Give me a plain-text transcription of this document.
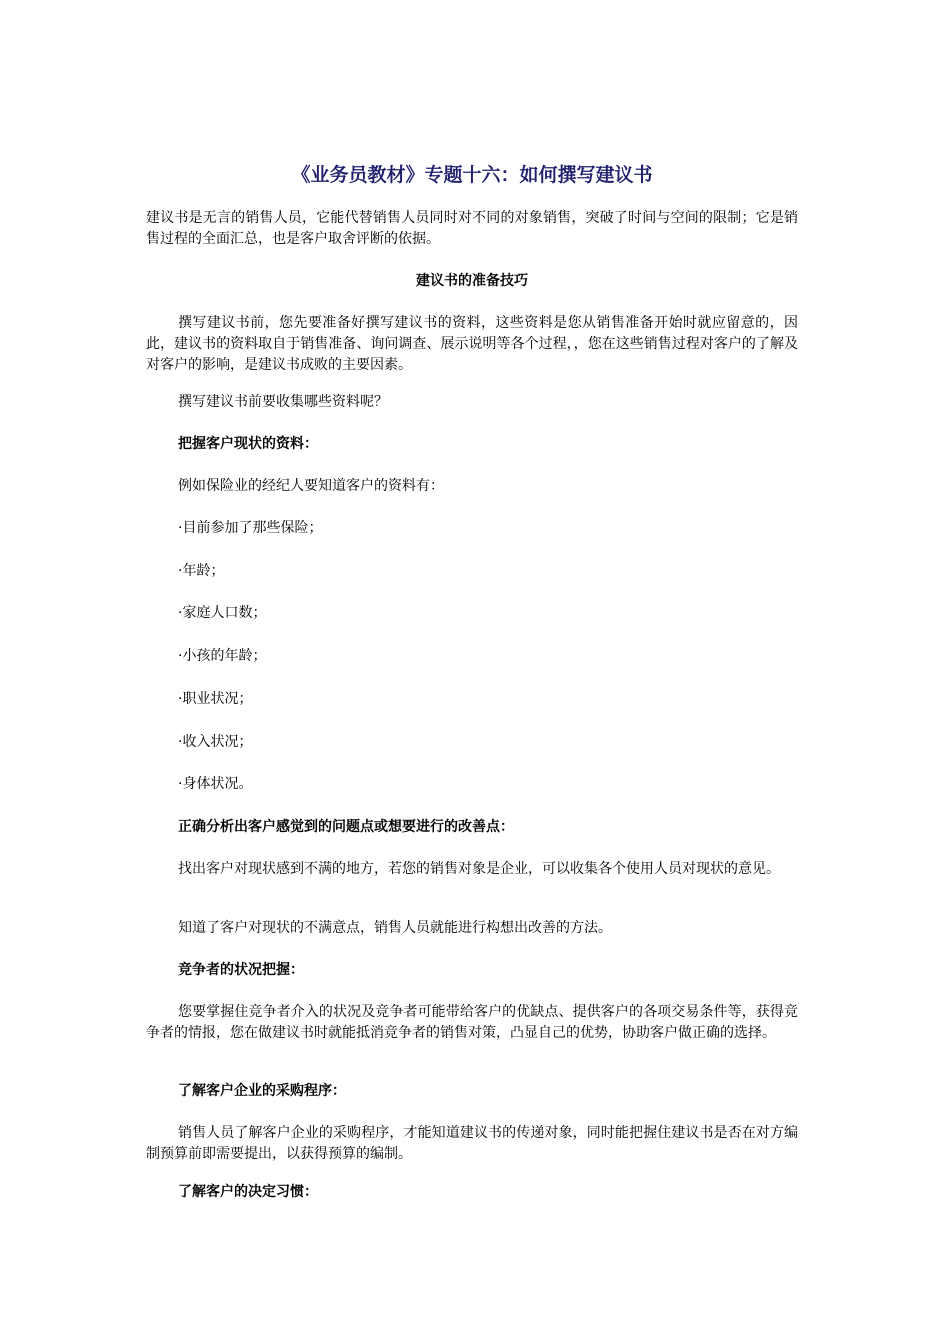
《业务员教材》专题十六：如何撰写建议书

建议书是无言的销售人员，它能代替销售人员同时对不同的对象销售，突破了时间与空间的限制；它是销售过程的全面汇总，也是客户取舍评断的依据。

建议书的准备技巧

撰写建议书前，您先要准备好撰写建议书的资料，这些资料是您从销售准备开始时就应留意的，因此，建议书的资料取自于销售准备、询问调查、展示说明等各个过程，，您在这些销售过程对客户的了解及对客户的影响，是建议书成败的主要因素。

撰写建议书前要收集哪些资料呢？

把握客户现状的资料：

例如保险业的经纪人要知道客户的资料有：

·目前参加了那些保险；
·年龄；
·家庭人口数；
·小孩的年龄；
·职业状况；
·收入状况；
·身体状况。

正确分析出客户感觉到的问题点或想要进行的改善点：

找出客户对现状感到不满的地方，若您的销售对象是企业，可以收集各个使用人员对现状的意见。

知道了客户对现状的不满意点，销售人员就能进行构想出改善的方法。

竞争者的状况把握：

您要掌握住竞争者介入的状况及竞争者可能带给客户的优缺点、提供客户的各项交易条件等，获得竞争者的情报，您在做建议书时就能抵消竞争者的销售对策，凸显自己的优势，协助客户做正确的选择。

了解客户企业的采购程序：

销售人员了解客户企业的采购程序，才能知道建议书的传递对象，同时能把握住建议书是否在对方编制预算前即需要提出，以获得预算的编制。

了解客户的决定习惯：
